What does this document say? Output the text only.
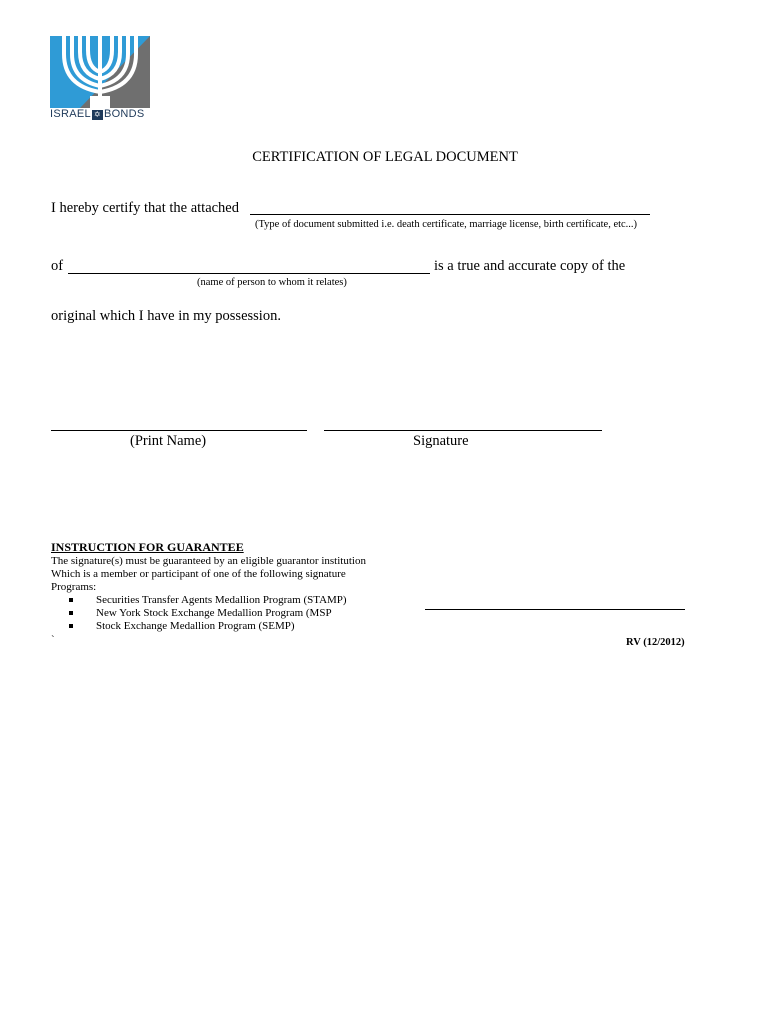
ISRAEL ✡ BONDS
CERTIFICATION OF LEGAL DOCUMENT
I hereby certify that the attached
(Type of document submitted i.e. death certificate, marriage license, birth certificate, etc...)
of	is a true and accurate copy of the
(name of person to whom it relates)
original which I have in my possession.
(Print Name)	Signature
INSTRUCTION FOR GUARANTEE
The signature(s) must be guaranteed by an eligible guarantor institution
Which is a member or participant of one of the following signature
Programs:
Securities Transfer Agents Medallion Program (STAMP)
New York Stock Exchange Medallion Program (MSP
Stock Exchange Medallion Program (SEMP)
`	RV (12/2012)
